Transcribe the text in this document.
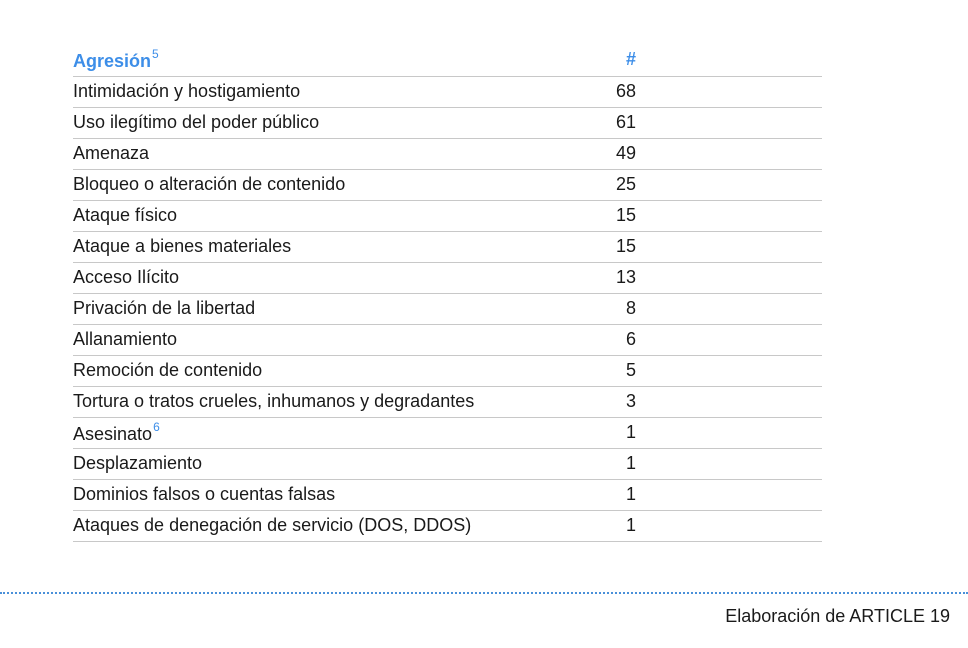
Agresión$^5$	#
Intimidación y hostigamiento	68
Uso ilegítimo del poder público	61
Amenaza	49
Bloqueo o alteración de contenido	25
Ataque físico	15
Ataque a bienes materiales	15
Acceso Ilícito	13
Privación de la libertad	8
Allanamiento	6
Remoción de contenido	5
Tortura o tratos crueles, inhumanos y degradantes	3
Asesinato$^6$	1
Desplazamiento	1
Dominios falsos o cuentas falsas	1
Ataques de denegación de servicio (DOS, DDOS)	1
Elaboración de ARTICLE 19
